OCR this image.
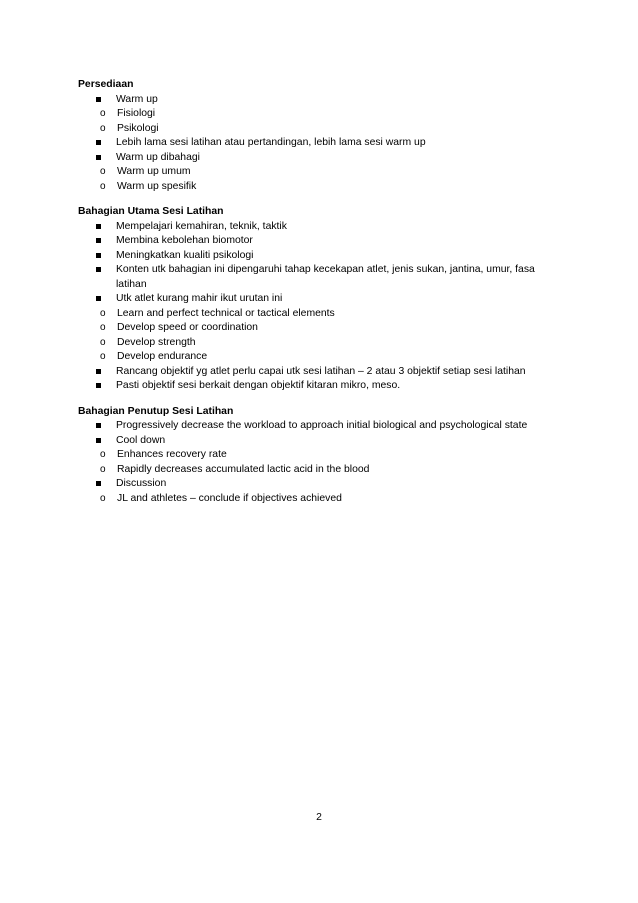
Persediaan

Warm up
o Fisiologi
o Psikologi
Lebih lama sesi latihan atau pertandingan, lebih lama sesi warm up
Warm up dibahagi
o Warm up umum
o Warm up spesifik

Bahagian Utama Sesi Latihan

Mempelajari kemahiran, teknik, taktik
Membina kebolehan biomotor
Meningkatkan kualiti psikologi
Konten utk bahagian ini dipengaruhi tahap kecekapan atlet, jenis sukan, jantina, umur, fasa latihan
Utk atlet kurang mahir ikut urutan ini
o Learn and perfect technical or tactical elements
o Develop speed or coordination
o Develop strength
o Develop endurance
Rancang objektif yg atlet perlu capai utk sesi latihan – 2 atau 3 objektif setiap sesi latihan
Pasti objektif sesi berkait dengan objektif kitaran mikro, meso.

Bahagian Penutup Sesi Latihan

Progressively decrease the workload to approach initial biological and psychological state
Cool down
o Enhances recovery rate
o Rapidly decreases accumulated lactic acid in the blood
Discussion
o JL and athletes – conclude if objectives achieved
2
